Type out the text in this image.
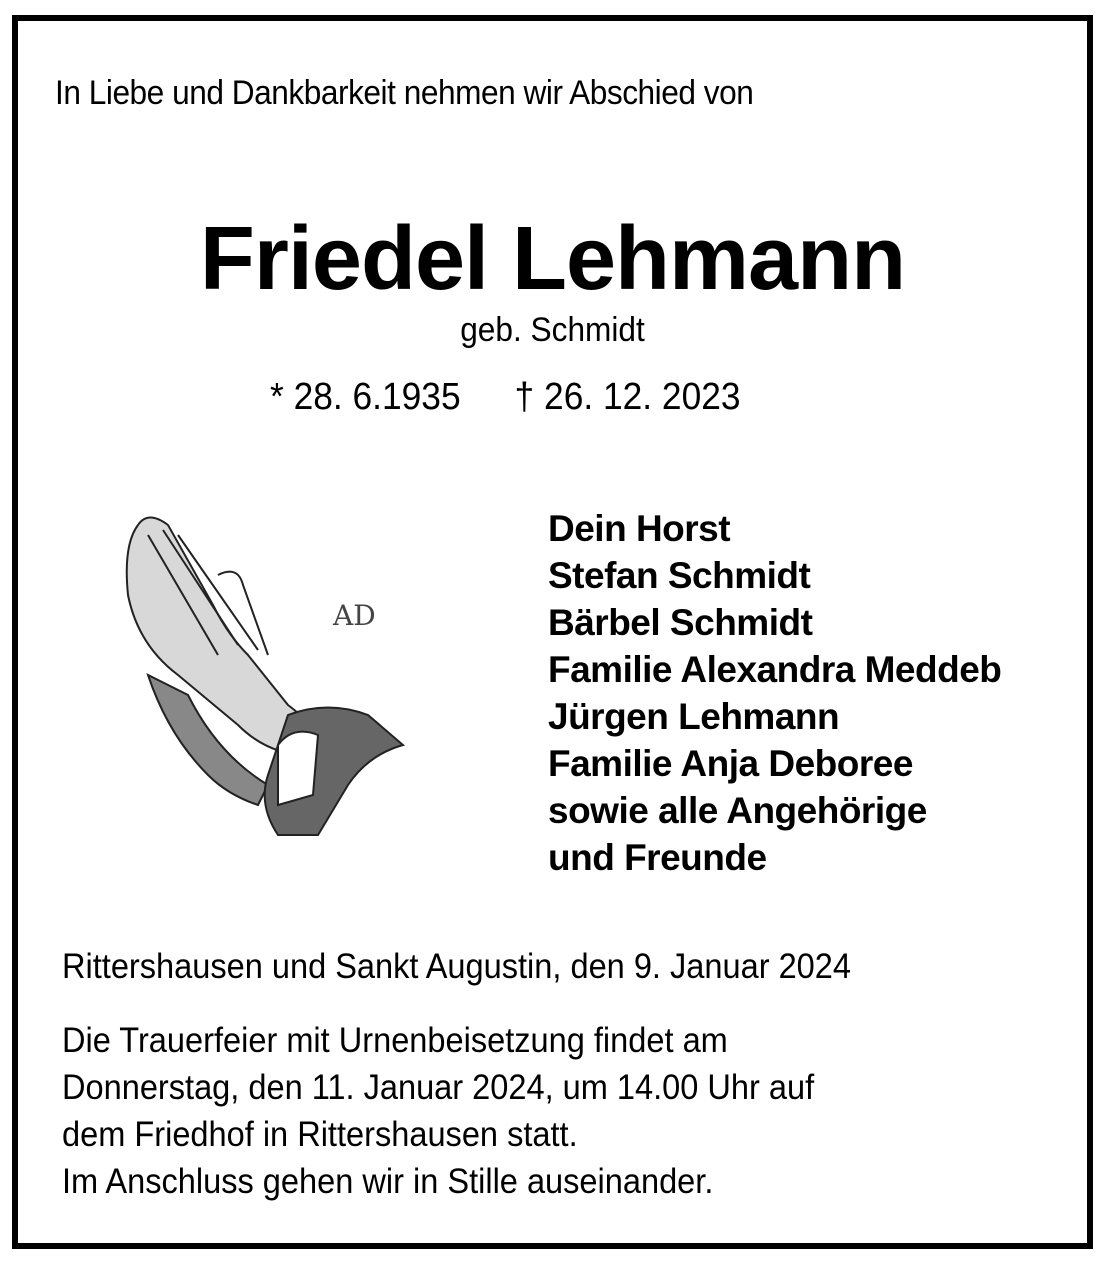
In Liebe und Dankbarkeit nehmen wir Abschied von
Friedel Lehmann
geb. Schmidt
* 28. 6.1935 † 26. 12. 2023
AD
Dein Horst
Stefan Schmidt
Bärbel Schmidt
Familie Alexandra Meddeb
Jürgen Lehmann
Familie Anja Deboree
sowie alle Angehörige
und Freunde
Rittershausen und Sankt Augustin, den 9. Januar 2024
Die Trauerfeier mit Urnenbeisetzung findet am
Donnerstag, den 11. Januar 2024, um 14.00 Uhr auf
dem Friedhof in Rittershausen statt.
Im Anschluss gehen wir in Stille auseinander.
